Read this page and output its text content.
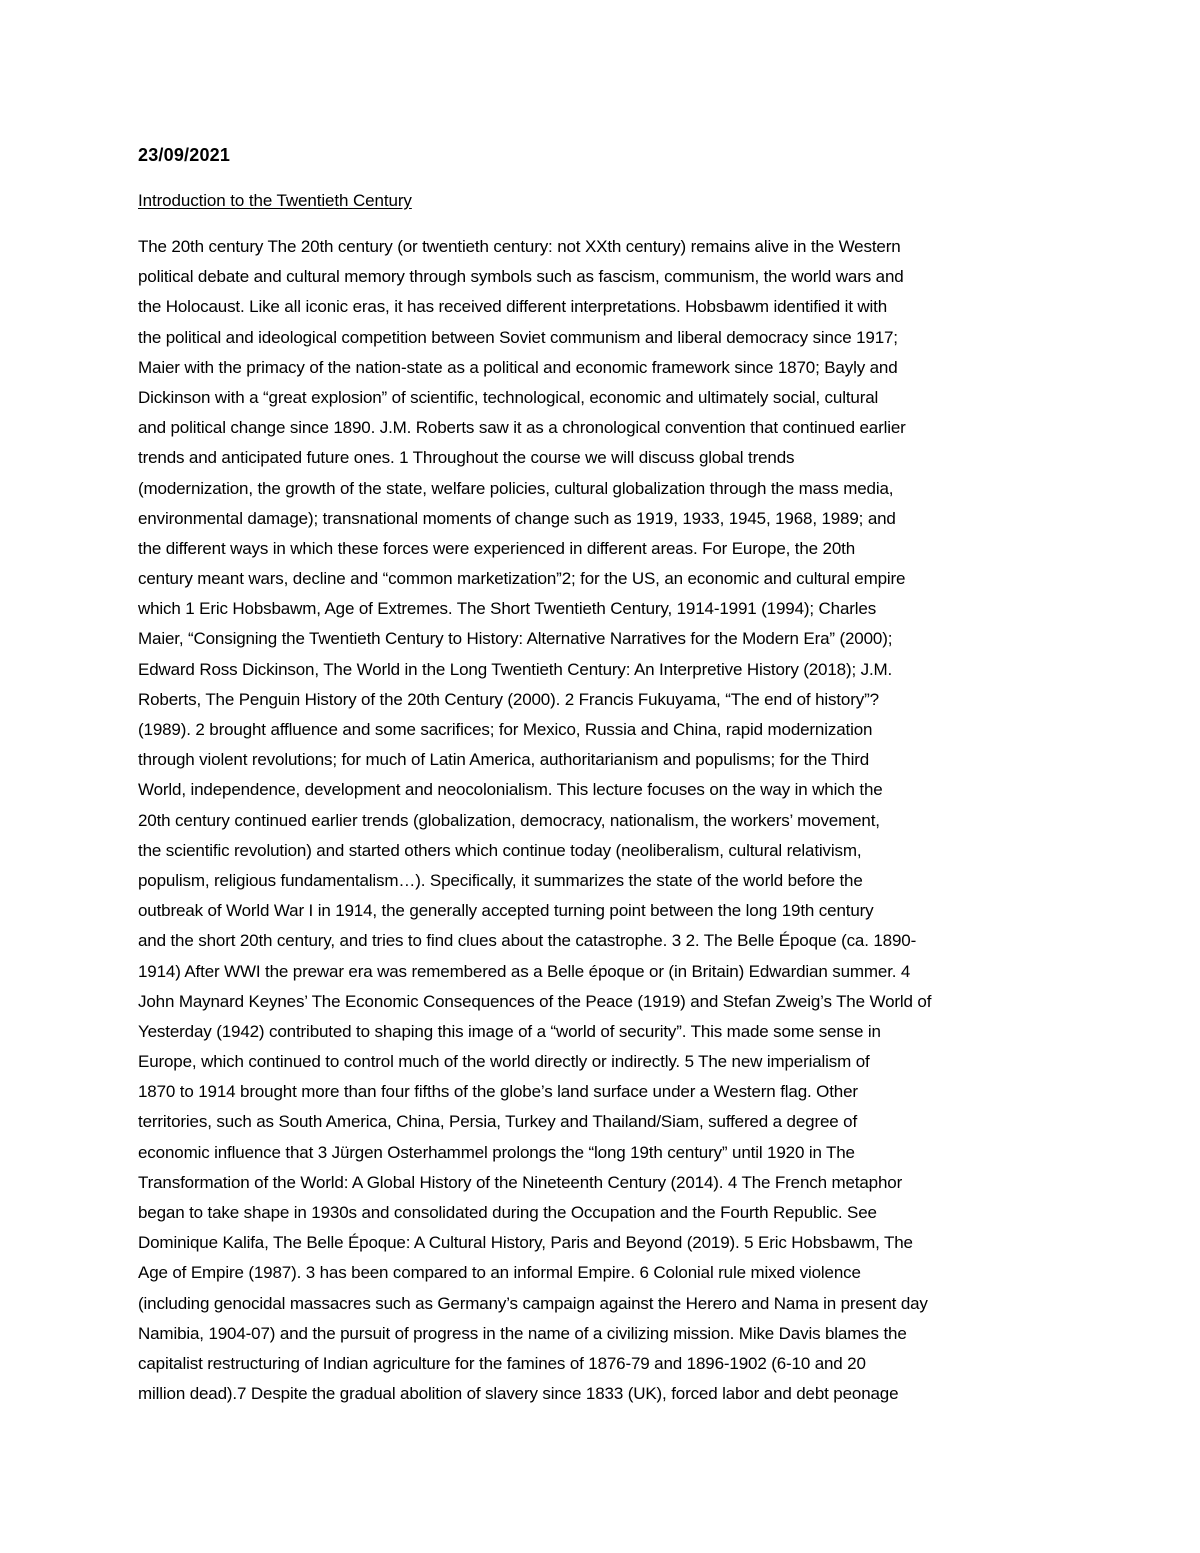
23/09/2021
Introduction to the Twentieth Century
The 20th century The 20th century (or twentieth century: not XXth century) remains alive in the Western
political debate and cultural memory through symbols such as fascism, communism, the world wars and
the Holocaust. Like all iconic eras, it has received different interpretations. Hobsbawm identified it with
the political and ideological competition between Soviet communism and liberal democracy since 1917;
Maier with the primacy of the nation-state as a political and economic framework since 1870; Bayly and
Dickinson with a “great explosion” of scientific, technological, economic and ultimately social, cultural
and political change since 1890. J.M. Roberts saw it as a chronological convention that continued earlier
trends and anticipated future ones. 1 Throughout the course we will discuss global trends
(modernization, the growth of the state, welfare policies, cultural globalization through the mass media,
environmental damage); transnational moments of change such as 1919, 1933, 1945, 1968, 1989; and
the different ways in which these forces were experienced in different areas. For Europe, the 20th
century meant wars, decline and “common marketization”2; for the US, an economic and cultural empire
which 1 Eric Hobsbawm, Age of Extremes. The Short Twentieth Century, 1914-1991 (1994); Charles
Maier, “Consigning the Twentieth Century to History: Alternative Narratives for the Modern Era” (2000);
Edward Ross Dickinson, The World in the Long Twentieth Century: An Interpretive History (2018); J.M.
Roberts, The Penguin History of the 20th Century (2000). 2 Francis Fukuyama, “The end of history”?
(1989). 2 brought affluence and some sacrifices; for Mexico, Russia and China, rapid modernization
through violent revolutions; for much of Latin America, authoritarianism and populisms; for the Third
World, independence, development and neocolonialism. This lecture focuses on the way in which the
20th century continued earlier trends (globalization, democracy, nationalism, the workers’ movement,
the scientific revolution) and started others which continue today (neoliberalism, cultural relativism,
populism, religious fundamentalism…). Specifically, it summarizes the state of the world before the
outbreak of World War I in 1914, the generally accepted turning point between the long 19th century
and the short 20th century, and tries to find clues about the catastrophe. 3 2. The Belle Époque (ca. 1890-
1914) After WWI the prewar era was remembered as a Belle époque or (in Britain) Edwardian summer. 4
John Maynard Keynes’ The Economic Consequences of the Peace (1919) and Stefan Zweig’s The World of
Yesterday (1942) contributed to shaping this image of a “world of security”. This made some sense in
Europe, which continued to control much of the world directly or indirectly. 5 The new imperialism of
1870 to 1914 brought more than four fifths of the globe’s land surface under a Western flag. Other
territories, such as South America, China, Persia, Turkey and Thailand/Siam, suffered a degree of
economic influence that 3 Jürgen Osterhammel prolongs the “long 19th century” until 1920 in The
Transformation of the World: A Global History of the Nineteenth Century (2014). 4 The French metaphor
began to take shape in 1930s and consolidated during the Occupation and the Fourth Republic. See
Dominique Kalifa, The Belle Époque: A Cultural History, Paris and Beyond (2019). 5 Eric Hobsbawm, The
Age of Empire (1987). 3 has been compared to an informal Empire. 6 Colonial rule mixed violence
(including genocidal massacres such as Germany’s campaign against the Herero and Nama in present day
Namibia, 1904-07) and the pursuit of progress in the name of a civilizing mission. Mike Davis blames the
capitalist restructuring of Indian agriculture for the famines of 1876-79 and 1896-1902 (6-10 and 20
million dead).7 Despite the gradual abolition of slavery since 1833 (UK), forced labor and debt peonage
